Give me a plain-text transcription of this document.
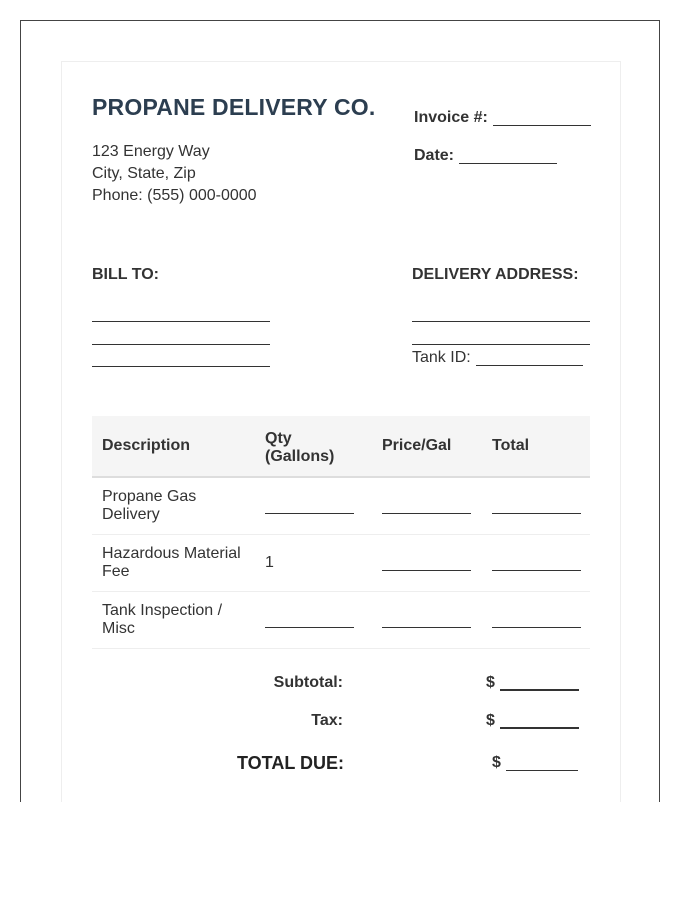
PROPANE DELIVERY CO.
123 Energy Way
City, State, Zip
Phone: (555) 000-0000
Invoice #:
Date:
BILL TO:	DELIVERY ADDRESS:
Tank ID:
Description	Qty (Gallons)	Price/Gal	Total
Propane Gas Delivery	

Hazardous Material Fee	1	

Tank Inspection / Misc	

Subtotal:	$
Tax:	$
TOTAL DUE:	$
